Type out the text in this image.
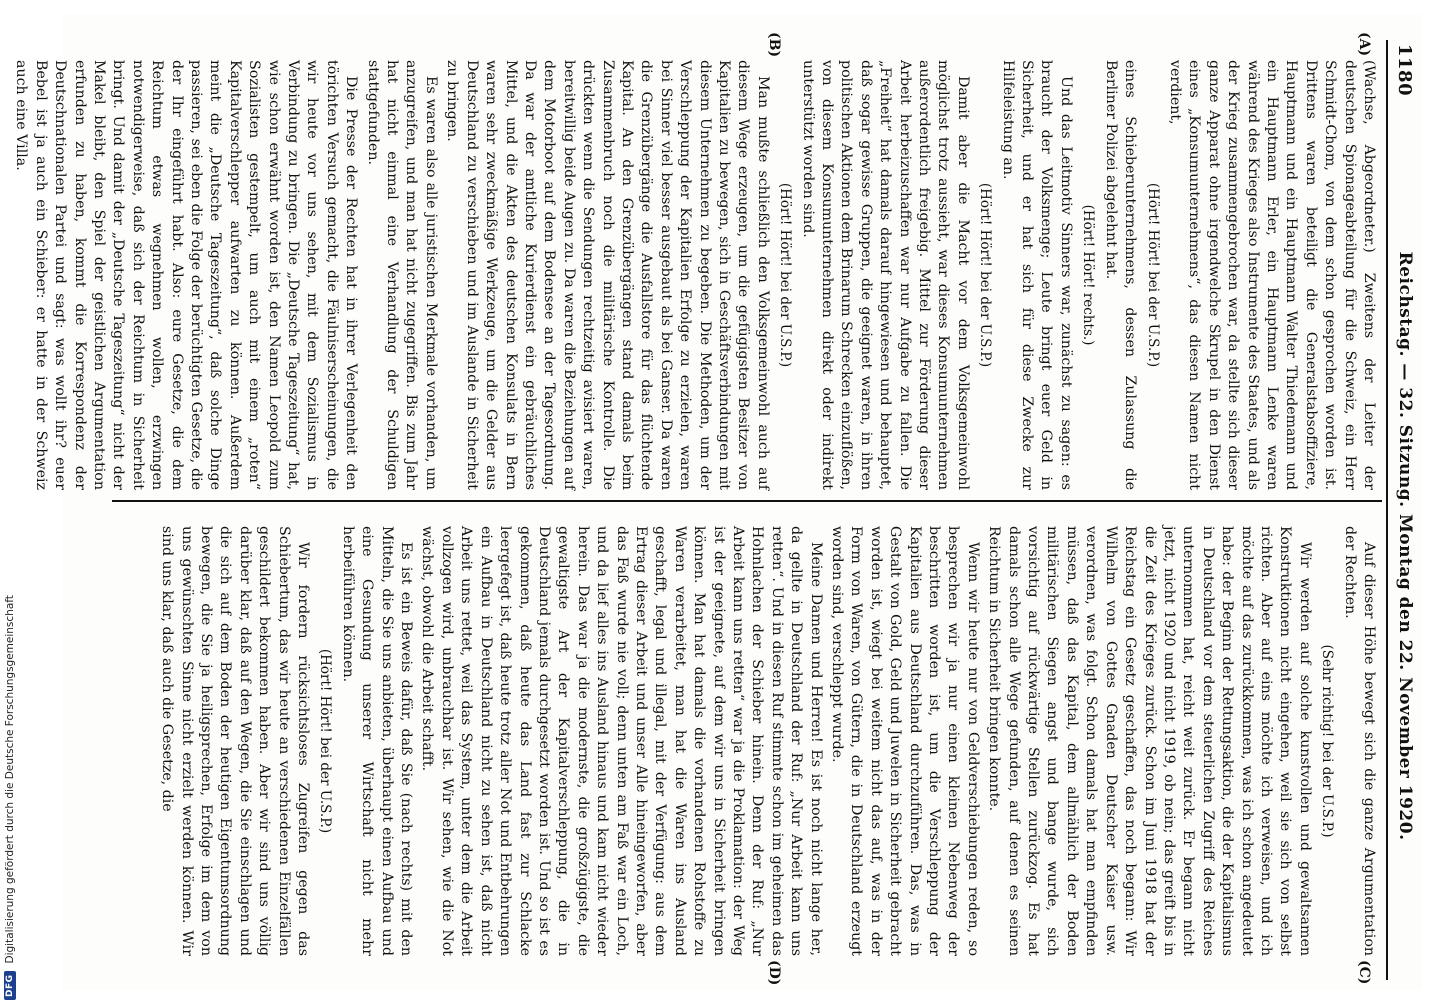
1180
Reichstag. — 32. Sitzung. Montag den 22. November 1920.
(A)
(B)
(C)
(D)

(Wachse, Abgeordneter.) Zweitens der Leiter der deutschen Spionageabteilung für die Schweiz, ein Herr Schmidt-Chom, von dem schon gesprochen worden ist. Drittens waren beteiligt die Generalstabsoffiziere, Hauptmann und ein Hauptmann Walter Thiedemann und ein Hauptmann Erler, ein Hauptmann Lenke waren während des Krieges also Instrumente des Staates, und als der Krieg zusammengebrochen war, da stellte sich dieser ganze Apparat ohne irgendwelche Skrupel in den Dienst eines „Konsumunternehmens“, das diesen Namen nicht verdient,

(Hört! Hört! bei der U.S.P.)

eines Schieberunternehmens, dessen Zulassung die Berliner Polizei abgelehnt hat.

(Hört! Hört! rechts.)

Und das Leitmotiv Sinners war, zunächst zu sagen: es braucht der Volksmenge; Leute bringt euer Geld in Sicherheit, und er hat sich für diese Zwecke zur Hilfeleistung an.

(Hört! Hört! bei der U.S.P.)

Damit aber die Macht vor dem Volksgemeinwohl möglichst trotz aussieht, war dieses Konsumunternehmen außerordentlich freigebig. Mittel zur Förderung dieser Arbeit herbeizuschaffen war nur Aufgabe zu fallen. Die „Freiheit“ hat damals darauf hingewiesen und behauptet, daß sogar gewisse Gruppen, die geeignet waren, in ihren politischen Aktionen dem Brinarum Schrecken einzuflößen, von diesem Konsumunternehmen direkt oder indirekt unterstützt worden sind.

(Hört! Hört! bei der U.S.P.)

Man mußte schließlich den Volksgemeinwohl auch auf diesem Wege erzeugen, um die gefügigsten Besitzer von Kapitalien zu bewegen, sich in Geschäftsverbindungen mit diesem Unternehmen zu begeben. Die Methoden, um der Verschleppung der Kapitalien Erfolge zu erzielen, waren bei Sinner viel besser ausgebaut als bei Ganser. Da waren die Grenzübergänge die Ausfallstore für das flüchtende Kapital. An den Grenzübergängen stand damals beim Zusammenbruch noch die militärische Kontrolle. Die drückten wenn die Sendungen rechtzeitig avisiert waren, bereitwillig beide Augen zu. Da waren die Beziehungen auf dem Motorboot auf dem Bodensee an der Tagesordnung. Da war der amtliche Kurierdienst ein gebräuchliches Mittel, und die Akten des deutschen Konsulats in Bern waren sehr zweckmäßige Werkzeuge, um die Gelder aus Deutschland zu verschieben und im Auslande in Sicherheit zu bringen.

Es waren also alle juristischen Merkmale vorhanden, um anzugreifen, und man hat nicht zugegriffen. Bis zum Jahr hat nicht einmal eine Verhandlung der Schuldigen stattgefunden.

Die Presse der Rechten hat in ihrer Verlegenheit den törichten Versuch gemacht, die Fäulniserscheinungen, die wir heute vor uns sehen, mit dem Sozialismus in Verbindung zu bringen. Die „Deutsche Tageszeitung“ hat, wie schon erwähnt worden ist, den Namen Leopold zum Sozialisten gestempelt, um auch mit einem „roten“ Kapitalverschlepper aufwarten zu können. Außerdem meint die „Deutsche Tageszeitung“, daß solche Dinge passieren, sei eben die Folge der berüchtigten Gesetze, die der Ihr eingeführt habt. Also: eure Gesetze, die dem Reichtum etwas wegnehmen wollen, erzwingen notwendigerweise, daß sich der Reichtum in Sicherheit bringt. Und damit der „Deutsche Tageszeitung“ nicht der Makel bleibt, den Spiel der geistlichen Argumentation erfunden zu haben, kommt die Korrespondenz der Deutschnationalen Partei und sagt: was wollt ihr? euer Bebel ist ja auch ein Schieber: er hatte in der Schweiz auch eine Villa.

Auf dieser Höhe bewegt sich die ganze Argumentation der Rechten.

(Sehr richtig! bei der U.S.P.)

Wir werden auf solche kunstvollen und gewaltsamen Konstruktionen nicht eingehen, weil sie sich von selbst richten. Aber auf eins möchte ich verweisen, und ich möchte auf das zurückkommen, was ich schon angedeutet habe: der Beginn der Rettungsaktion, die der Kapitalismus in Deutschland vor dem steuerlichen Zugriff des Reiches unternommen hat, reicht weit zurück. Er begann nicht jetzt, nicht 1920 und nicht 1919, ob nein; das greift bis in die Zeit des Krieges zurück. Schon im Juni 1918 hat der Reichstag ein Gesetz geschaffen, das noch begann: Wir Wilhelm von Gottes Gnaden Deutscher Kaiser usw. verordnen, was folgt. Schon damals hat man empfinden müssen, daß das Kapital, dem allmählich der Boden militärischen Siegen angst und bange wurde, sich vorsichtig auf rückwärtige Stellen zurückzog. Es hat damals schon alle Wege gefunden, auf denen es seinen Reichtum in Sicherheit bringen konnte.

Wenn wir heute nur von Geldverschiebungen reden, so besprechen wir ja nur einen kleinen Nebenweg der beschritten worden ist, um die Verschleppung der Kapitalien aus Deutschland durchzuführen. Das, was in Gestalt von Gold, Geld und Juwelen in Sicherheit gebracht worden ist, wiegt bei weitem nicht das auf, was in der Form von Waren, von Gütern, die in Deutschland erzeugt worden sind, verschleppt wurde.

Meine Damen und Herren! Es ist noch nicht lange her, da gellte in Deutschland der Ruf: „Nur Arbeit kann uns retten“. Und in diesen Ruf stimmte schon im geheimen das Hohnlachen der Schieber hinein. Denn der Ruf: „Nur Arbeit kann uns retten“ war ja die Proklamation: der Weg ist der geeignete, auf dem wir uns in Sicherheit bringen können. Man hat damals die vorhandenen Rohstoffe zu Waren verarbeitet, man hat die Waren ins Ausland geschafft, legal und illegal, mit der Verfügung: aus dem Ertrag dieser Arbeit und unser Alle hineingeworfen, aber das Faß wurde nie voll; denn unten am Faß war ein Loch, und da lief alles ins Ausland hinaus und kam nicht wieder herein. Das war ja die modernste, die großzügigste, die gewaltigste Art der Kapitalverschleppung, die in Deutschland jemals durchgesetzt worden ist. Und so ist es gekommen, daß heute das Land fast zur Schlacke leergefegt ist, daß heute trotz aller Not und Entbehrungen ein Aufbau in Deutschland nicht zu sehen ist, daß nicht Arbeit uns rettet, weil das System, unter dem die Arbeit vollzogen wird, unbrauchbar ist. Wir sehen, wie die Not wächst, obwohl die Arbeit schafft.

Es ist ein Beweis dafür, daß Sie (nach rechts) mit den Mitteln, die Sie uns anbieten, überhaupt einen Aufbau und eine Gesundung unserer Wirtschaft nicht mehr herbeiführen können.

(Hört! Hört! bei der U.S.P.)

Wir fordern rücksichtsloses Zugreifen gegen das Schiebertum, das wir heute an verschiedenen Einzelfällen geschildert bekommen haben. Aber wir sind uns völlig darüber klar, daß auf den Wegen, die Sie einschlagen und die sich auf dem Boden der heutigen Eigentumsordnung bewegen, die Sie ja heiligsprechen, Erfolge im dem von uns gewünschten Sinne nicht erzielt werden können. Wir sind uns klar, daß auch die Gesetze, die

DFG
Digitalisierung gefördert durch die Deutsche Forschungsgemeinschaft
